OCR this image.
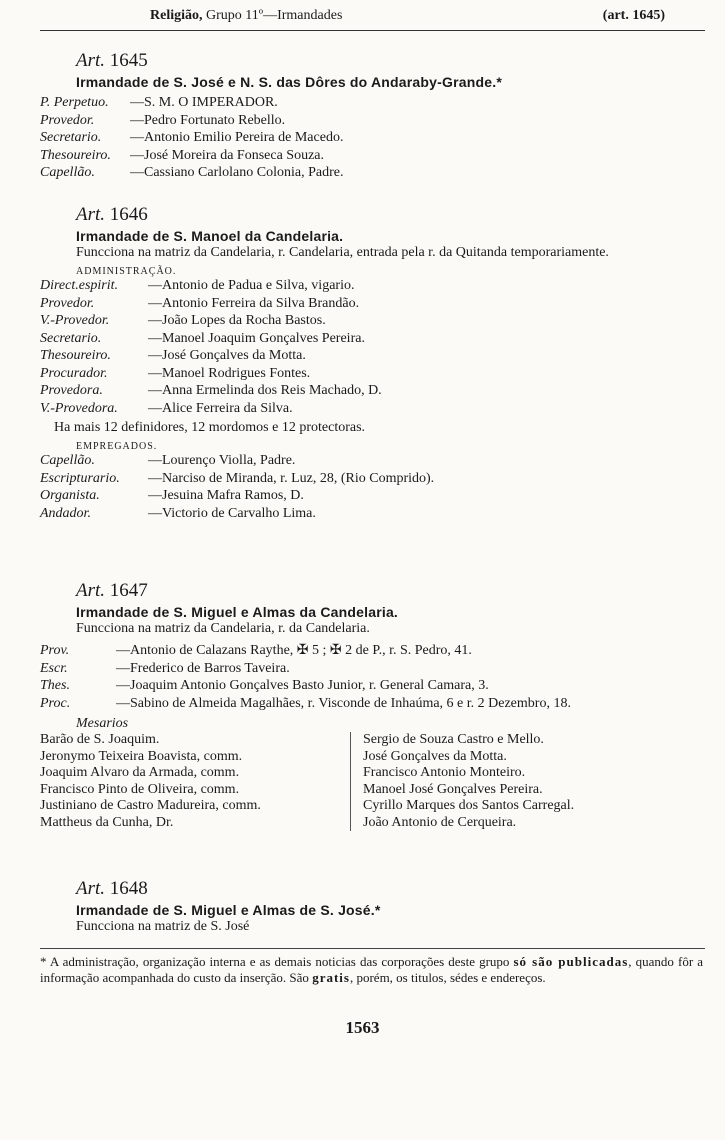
Religião, Grupo 11º—Irmandades	(art. 1645)
Art. 1645
Irmandade de S. José e N. S. das Dôres do Andaraby-Grande.*
P. Perpetuo.	—S. M. O IMPERADOR.
Provedor.	—Pedro Fortunato Rebello.
Secretario.	—Antonio Emilio Pereira de Macedo.
Thesoureiro.	—José Moreira da Fonseca Souza.
Capellão.	—Cassiano Carlolano Colonia, Padre.
Art. 1646
Irmandade de S. Manoel da Candelaria.
Funcciona na matriz da Candelaria, r. Candelaria, entrada pela r. da Quitanda temporariamente.
ADMINISTRAÇÃO.
Direct.espirit.	—Antonio de Padua e Silva, vigario.
Provedor.	—Antonio Ferreira da Silva Brandão.
V.-Provedor.	—João Lopes da Rocha Bastos.
Secretario.	—Manoel Joaquim Gonçalves Pereira.
Thesoureiro.	—José Gonçalves da Motta.
Procurador.	—Manoel Rodrigues Fontes.
Provedora.	—Anna Ermelinda dos Reis Machado, D.
V.-Provedora.	—Alice Ferreira da Silva.
Ha mais 12 definidores, 12 mordomos e 12 protectoras.
EMPREGADOS.
Capellão.	—Lourenço Violla, Padre.
Escripturario.	—Narciso de Miranda, r. Luz, 28, (Rio Comprido).
Organista.	—Jesuina Mafra Ramos, D.
Andador.	—Victorio de Carvalho Lima.
Art. 1647
Irmandade de S. Miguel e Almas da Candelaria.
Funcciona na matriz da Candelaria, r. da Candelaria.
Prov.	—Antonio de Calazans Raythe, ✠ 5 ; ✠ 2 de P., r. S. Pedro, 41.
Escr.	—Frederico de Barros Taveira.
Thes.	—Joaquim Antonio Gonçalves Basto Junior, r. General Camara, 3.
Proc.	—Sabino de Almeida Magalhães, r. Visconde de Inhaúma, 6 e r. 2 Dezembro, 18.
Mesarios
Barão de S. Joaquim.
Jeronymo Teixeira Boavista, comm.
Joaquim Alvaro da Armada, comm.
Francisco Pinto de Oliveira, comm.
Justiniano de Castro Madureira, comm.
Mattheus da Cunha, Dr.
Sergio de Souza Castro e Mello.
José Gonçalves da Motta.
Francisco Antonio Monteiro.
Manoel José Gonçalves Pereira.
Cyrillo Marques dos Santos Carregal.
João Antonio de Cerqueira.
Art. 1648
Irmandade de S. Miguel e Almas de S. José.*
Funcciona na matriz de S. José
* A administração, organização interna e as demais noticias das corporações deste grupo só são publicadas, quando fôr a informação acompanhada do custo da inserção. São gratis, porém, os titulos, sédes e endereços.
1563
